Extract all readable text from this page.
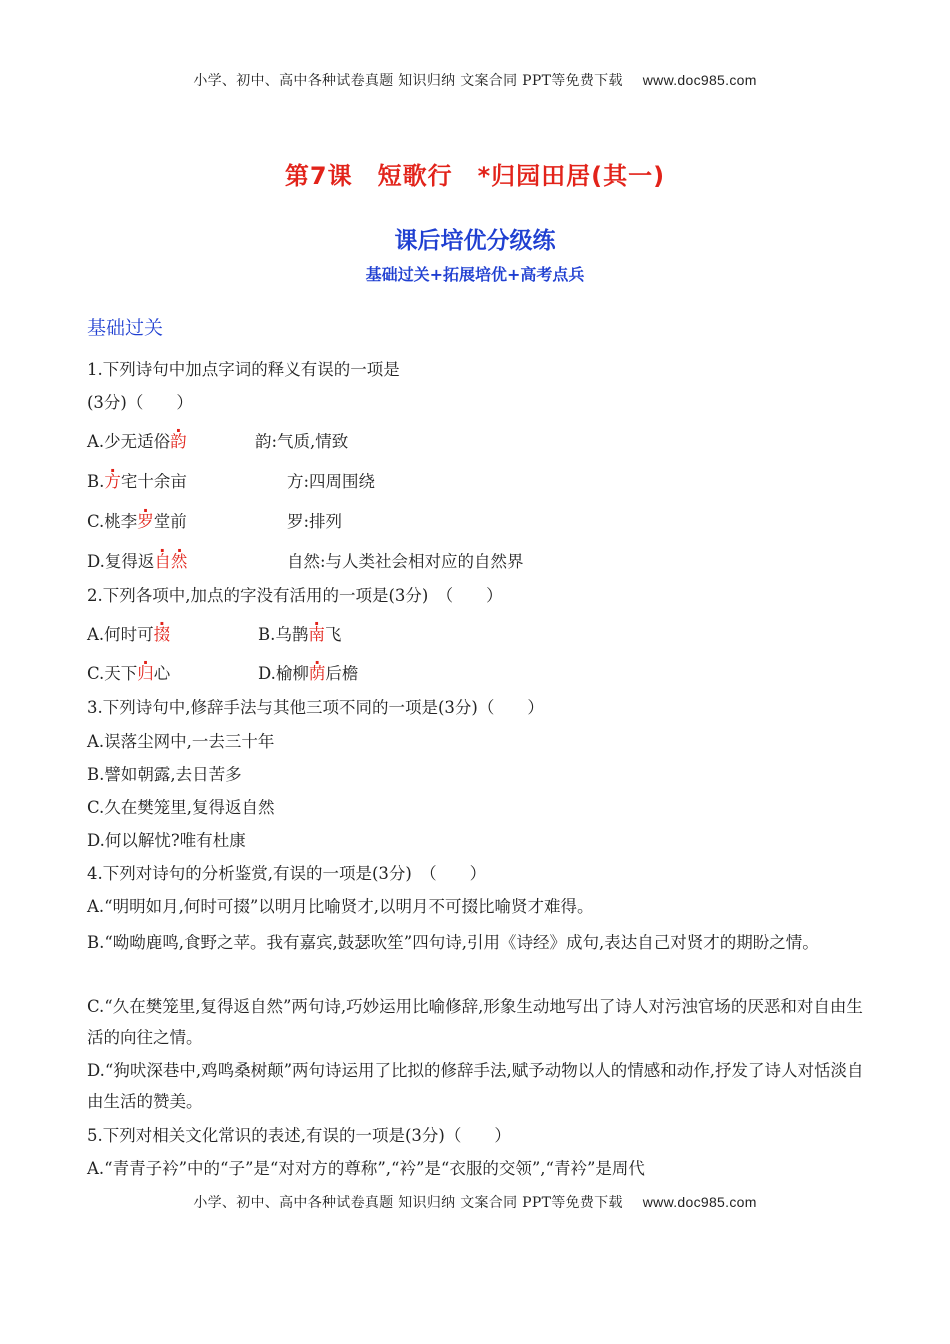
小学、初中、高中各种试卷真题 知识归纳 文案合同 PPT等免费下载 www.doc985.com
第7课　短歌行　*归园田居(其一)
课后培优分级练
基础过关+拓展培优+高考点兵
基础过关
1.下列诗句中加点字词的释义有误的一项是
(3分)（　　）
A.少无适俗韵	韵:气质,情致
B.方宅十余亩	方:四周围绕
C.桃李罗堂前	罗:排列
D.复得返· · 自然	自然:与人类社会相对应的自然界
2.下列各项中,加点的字没有活用的一项是(3分)　（　　）
A.何时可掇	B.乌鹊南飞
C.天下归心	D.榆柳荫后檐
3.下列诗句中,修辞手法与其他三项不同的一项是(3分)（　　）
A.误落尘网中,一去三十年
B.譬如朝露,去日苦多
C.久在樊笼里,复得返自然
D.何以解忧?唯有杜康
4.下列对诗句的分析鉴赏,有误的一项是(3分)　（　　）
A.“明明如月,何时可掇”以明月比喻贤才,以明月不可掇比喻贤才难得。
B.“呦呦鹿鸣,食野之苹。我有嘉宾,鼓瑟吹笙”四句诗,引用《诗经》成句,表达自己对贤才的期盼之情。
C.“久在樊笼里,复得返自然”两句诗,巧妙运用比喻修辞,形象生动地写出了诗人对污浊官场的厌恶和对自由生活的向往之情。
D.“狗吠深巷中,鸡鸣桑树颠”两句诗运用了比拟的修辞手法,赋予动物以人的情感和动作,抒发了诗人对恬淡自由生活的赞美。
5.下列对相关文化常识的表述,有误的一项是(3分)（　　）
A.“青青子衿”中的“子”是“对对方的尊称”,“衿”是“衣服的交领”,“青衿”是周代
小学、初中、高中各种试卷真题 知识归纳 文案合同 PPT等免费下载 www.doc985.com
